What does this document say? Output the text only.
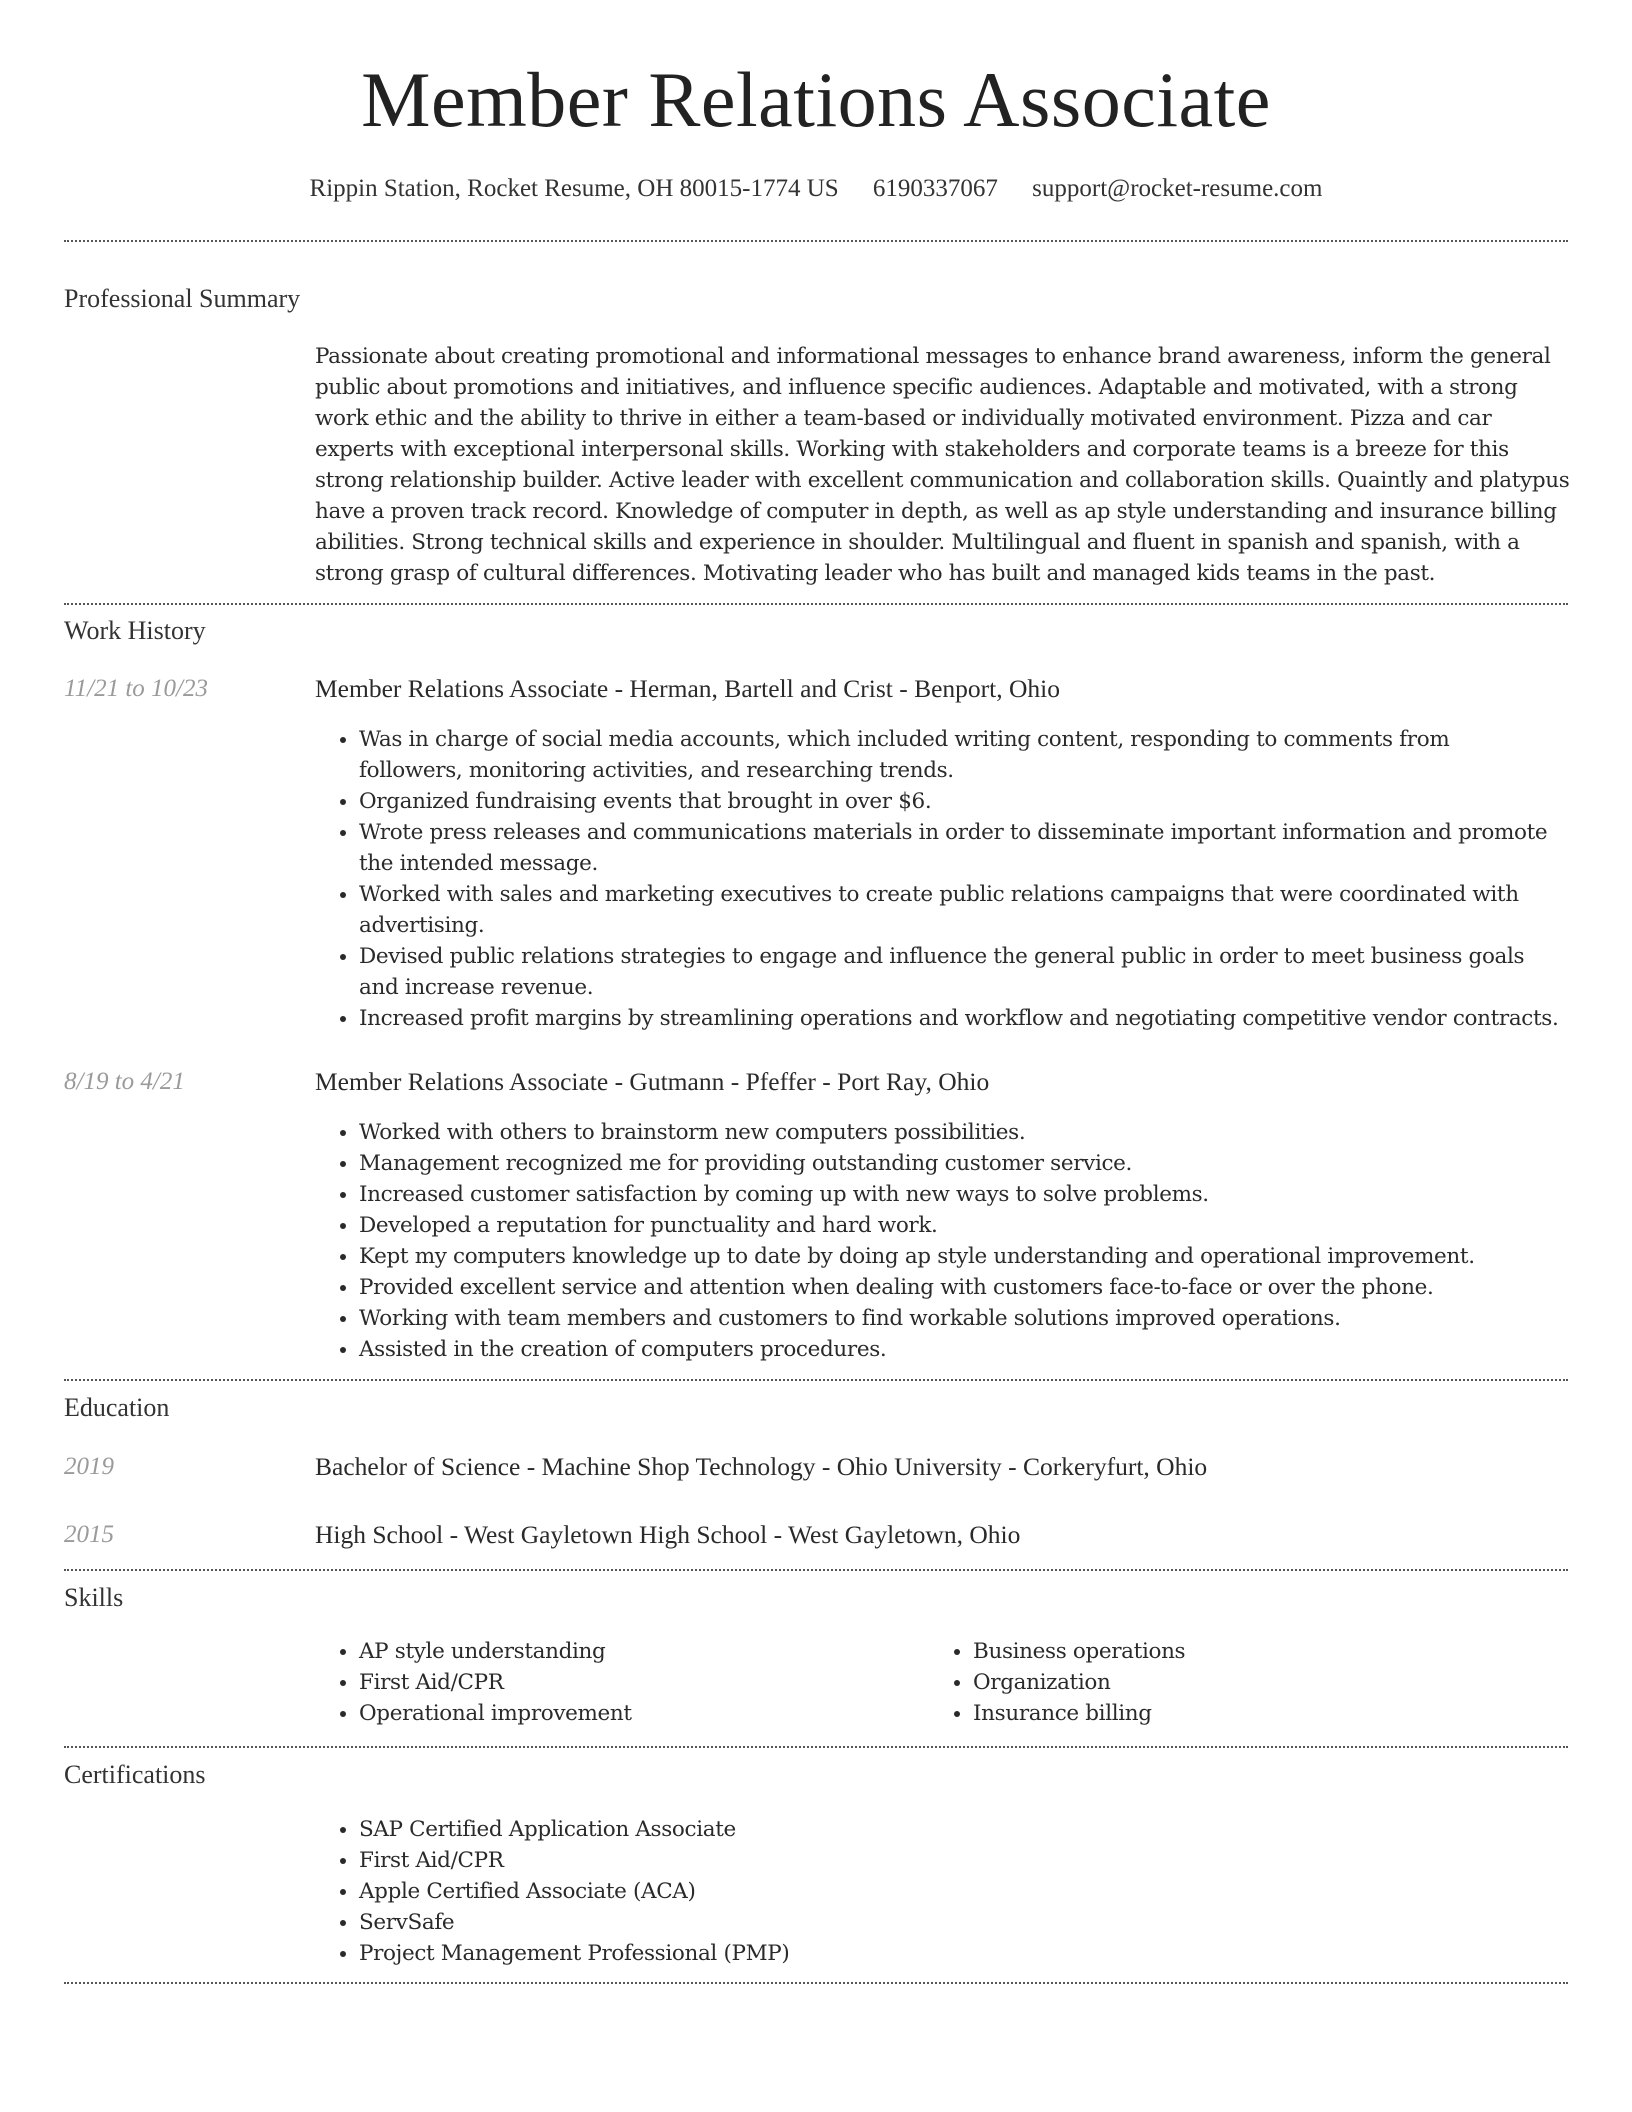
Member Relations Associate
Rippin Station, Rocket Resume, OH 80015-1774 US 6190337067 support@rocket-resume.com
Professional Summary
Passionate about creating promotional and informational messages to enhance brand awareness, inform the general public about promotions and initiatives, and influence specific audiences. Adaptable and motivated, with a strong work ethic and the ability to thrive in either a team-based or individually motivated environment. Pizza and car experts with exceptional interpersonal skills. Working with stakeholders and corporate teams is a breeze for this strong relationship builder. Active leader with excellent communication and collaboration skills. Quaintly and platypus have a proven track record. Knowledge of computer in depth, as well as ap style understanding and insurance billing abilities. Strong technical skills and experience in shoulder. Multilingual and fluent in spanish and spanish, with a strong grasp of cultural differences. Motivating leader who has built and managed kids teams in the past.
Work History
11/21 to 10/23	Member Relations Associate - Herman, Bartell and Crist - Benport, Ohio
• Was in charge of social media accounts, which included writing content, responding to comments from followers, monitoring activities, and researching trends.
• Organized fundraising events that brought in over $6.
• Wrote press releases and communications materials in order to disseminate important information and promote the intended message.
• Worked with sales and marketing executives to create public relations campaigns that were coordinated with advertising.
• Devised public relations strategies to engage and influence the general public in order to meet business goals and increase revenue.
• Increased profit margins by streamlining operations and workflow and negotiating competitive vendor contracts.
8/19 to 4/21	Member Relations Associate - Gutmann - Pfeffer - Port Ray, Ohio
• Worked with others to brainstorm new computers possibilities.
• Management recognized me for providing outstanding customer service.
• Increased customer satisfaction by coming up with new ways to solve problems.
• Developed a reputation for punctuality and hard work.
• Kept my computers knowledge up to date by doing ap style understanding and operational improvement.
• Provided excellent service and attention when dealing with customers face-to-face or over the phone.
• Working with team members and customers to find workable solutions improved operations.
• Assisted in the creation of computers procedures.
Education
2019	Bachelor of Science - Machine Shop Technology - Ohio University - Corkeryfurt, Ohio
2015	High School - West Gayletown High School - West Gayletown, Ohio
Skills
• AP style understanding
• First Aid/CPR
• Operational improvement
• Business operations
• Organization
• Insurance billing
Certifications
• SAP Certified Application Associate
• First Aid/CPR
• Apple Certified Associate (ACA)
• ServSafe
• Project Management Professional (PMP)
